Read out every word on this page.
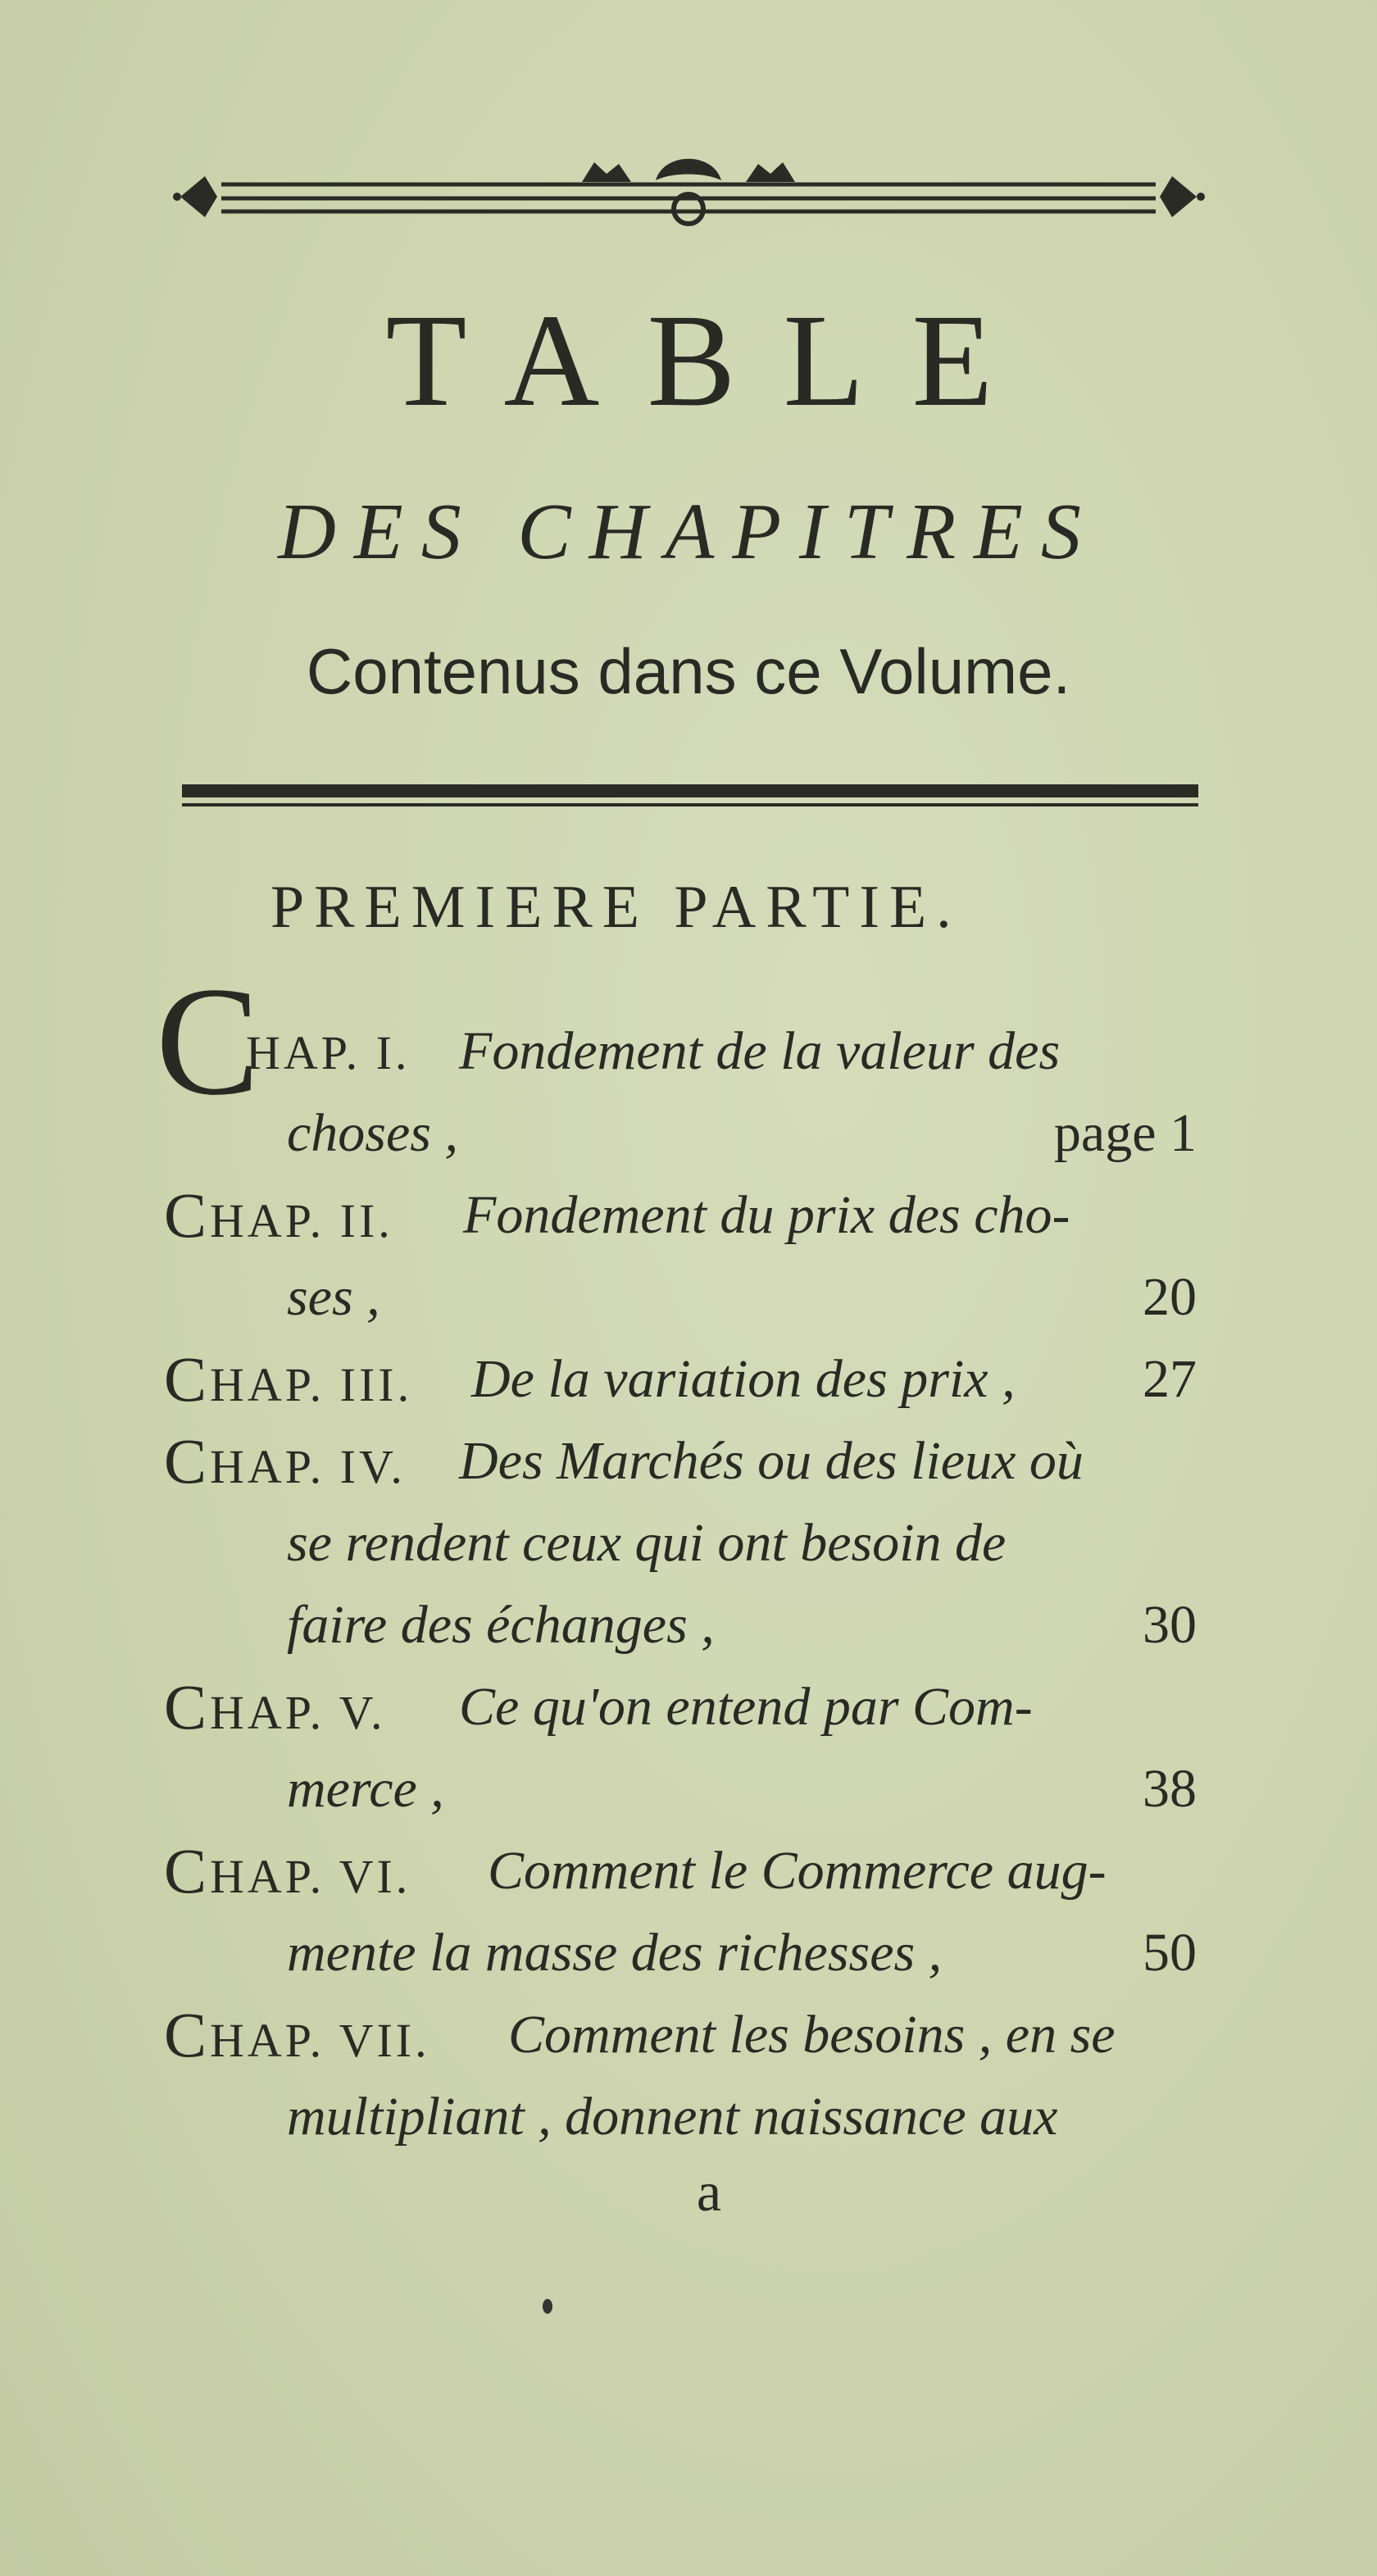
TABLE
DES CHAPITRES
Contenus dans ce Volume.
PREMIERE PARTIE.
C
HAP. I. Fondement de la valeur des
choses ,	page 1
CHAP. II. Fondement du prix des cho-
ses ,	20
CHAP. III. De la variation des prix , 27
CHAP. IV. Des Marchés ou des lieux où
se rendent ceux qui ont besoin de
faire des échanges ,	30
CHAP. V. Ce qu'on entend par Com-
merce ,	38
CHAP. VI. Comment le Commerce aug-
mente la masse des richesses ,	50
CHAP. VII. Comment les besoins , en se
multipliant , donnent naissance aux
a
